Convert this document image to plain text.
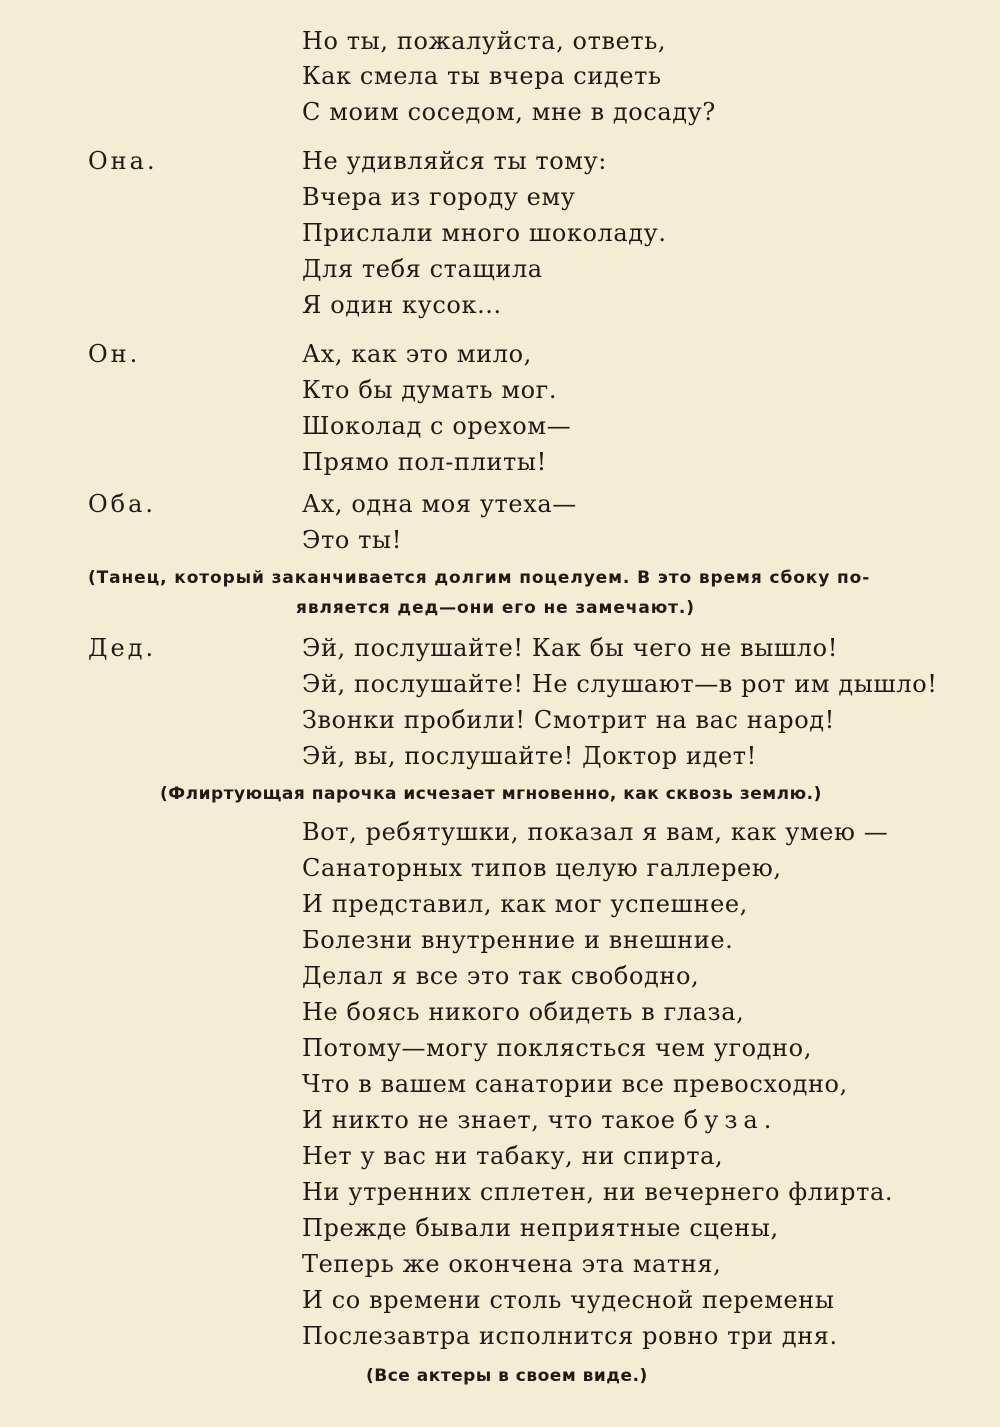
Но ты, пожалуйста, ответь,
Как смела ты вчера сидеть
С моим соседом, мне в досаду?
Она.	Не удивляйся ты тому:
Вчера из городу ему
Прислали много шоколаду.
Для тебя стащила
Я один кусок...
Он.	Ах, как это мило,
Кто бы думать мог.
Шоколад с орехом—
Прямо пол-плиты!
Оба.	Ах, одна моя утеха—
Это ты!
(Танец, который заканчивается долгим поцелуем. В это время сбоку по-
является дед—они его не замечают.)
Дед.	Эй, послушайте! Как бы чего не вышло!
Эй, послушайте! Не слушают—в рот им дышло!
Звонки пробили! Смотрит на вас народ!
Эй, вы, послушайте! Доктор идет!
(Флиртующая парочка исчезает мгновенно, как сквозь землю.)
Вот, ребятушки, показал я вам, как умею —
Санаторных типов целую галлерею,
И представил, как мог успешнее,
Болезни внутренние и внешние.
Делал я все это так свободно,
Не боясь никого обидеть в глаза,
Потому—могу поклясться чем угодно,
Что в вашем санатории все превосходно,
И никто не знает, что такое буза.
Нет у вас ни табаку, ни спирта,
Ни утренних сплетен, ни вечернего флирта.
Прежде бывали неприятные сцены,
Теперь же окончена эта матня,
И со времени столь чудесной перемены
Послезавтра исполнится ровно три дня.
(Все актеры в своем виде.)
